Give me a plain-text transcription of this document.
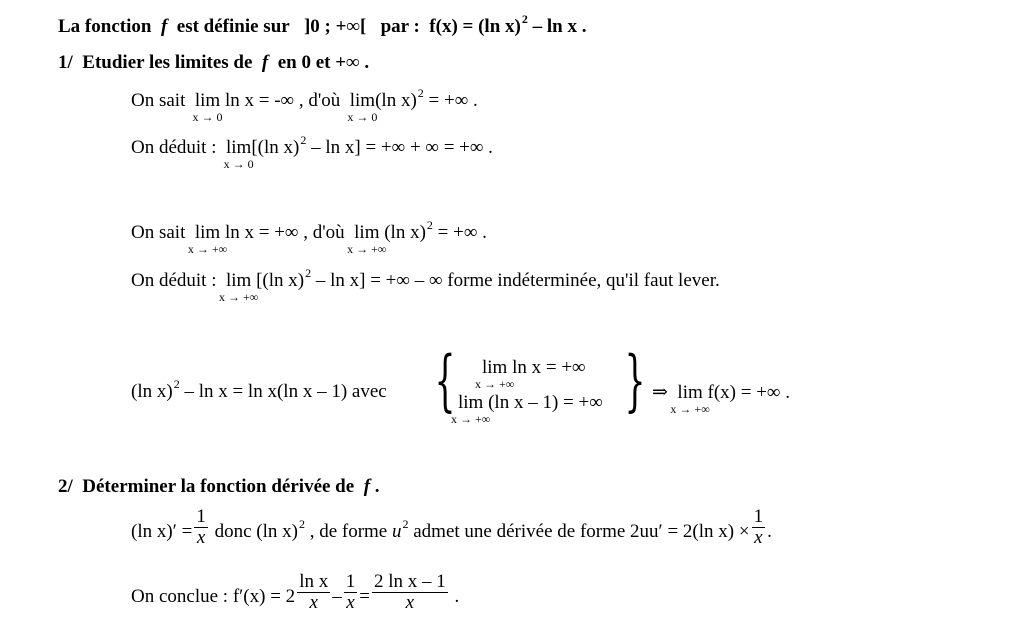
La fonction f est définie sur ]0 ; +∞[ par : f(x) = (ln x)$^2$ – ln x .
1/ Etudier les limites de f en 0 et +∞ .
On sait lim
x → 0
ln x = -∞ , d'où lim
x → 0
(ln x)$^2$ = +∞ .
On déduit : lim
x → 0
[(ln x)$^2$ – ln x] = +∞ + ∞ = +∞ .
On sait lim
x → +∞
ln x = +∞ , d'où lim
x → +∞
(ln x)$^2$ = +∞ .
On déduit : lim
x → +∞
[(ln x)$^2$ – ln x] = +∞ – ∞ forme indéterminée, qu'il faut lever.
(ln x)$^2$ – ln x = ln x(ln x – 1) avec { lim
x → +∞
ln x = +∞
lim
x → +∞
(ln x – 1) = +∞ } ⇒ lim
x → +∞
f(x) = +∞ .
2/ Déterminer la fonction dérivée de f .
(ln $x)' = \frac{1}{x}$ donc (ln x)$^2$ , de forme $u^2$ admet une dérivée de forme 2uu′ = 2(ln $x) \times \frac{1}{x}$ .
On conclue : $f'(x) = 2 \frac{\text{ln x}}{x} - \frac{1}{x} = \frac{\text{2 ln x – 1}}{x}$ .
